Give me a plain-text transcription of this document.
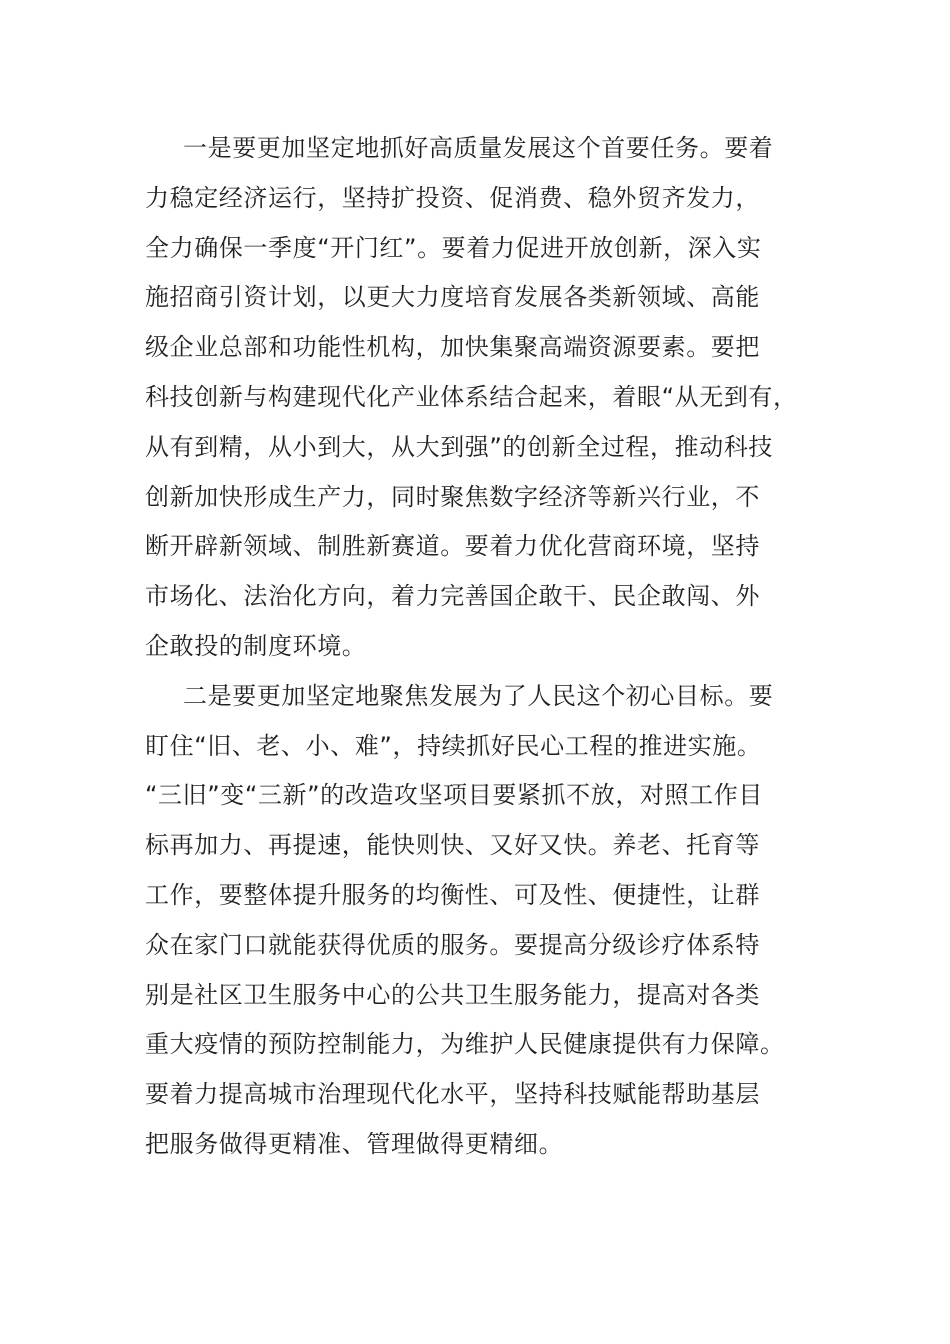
一是要更加坚定地抓好高质量发展这个首要任务。要着
力稳定经济运行，坚持扩投资、促消费、稳外贸齐发力，
全力确保一季度“开门红”。要着力促进开放创新，深入实
施招商引资计划，以更大力度培育发展各类新领域、高能
级企业总部和功能性机构，加快集聚高端资源要素。要把
科技创新与构建现代化产业体系结合起来，着眼“从无到有，
从有到精，从小到大，从大到强”的创新全过程，推动科技
创新加快形成生产力，同时聚焦数字经济等新兴行业，不
断开辟新领域、制胜新赛道。要着力优化营商环境，坚持
市场化、法治化方向，着力完善国企敢干、民企敢闯、外
企敢投的制度环境。
二是要更加坚定地聚焦发展为了人民这个初心目标。要
盯住“旧、老、小、难”，持续抓好民心工程的推进实施。
“三旧”变“三新”的改造攻坚项目要紧抓不放，对照工作目
标再加力、再提速，能快则快、又好又快。养老、托育等
工作，要整体提升服务的均衡性、可及性、便捷性，让群
众在家门口就能获得优质的服务。要提高分级诊疗体系特
别是社区卫生服务中心的公共卫生服务能力，提高对各类
重大疫情的预防控制能力，为维护人民健康提供有力保障。
要着力提高城市治理现代化水平，坚持科技赋能帮助基层
把服务做得更精准、管理做得更精细。
